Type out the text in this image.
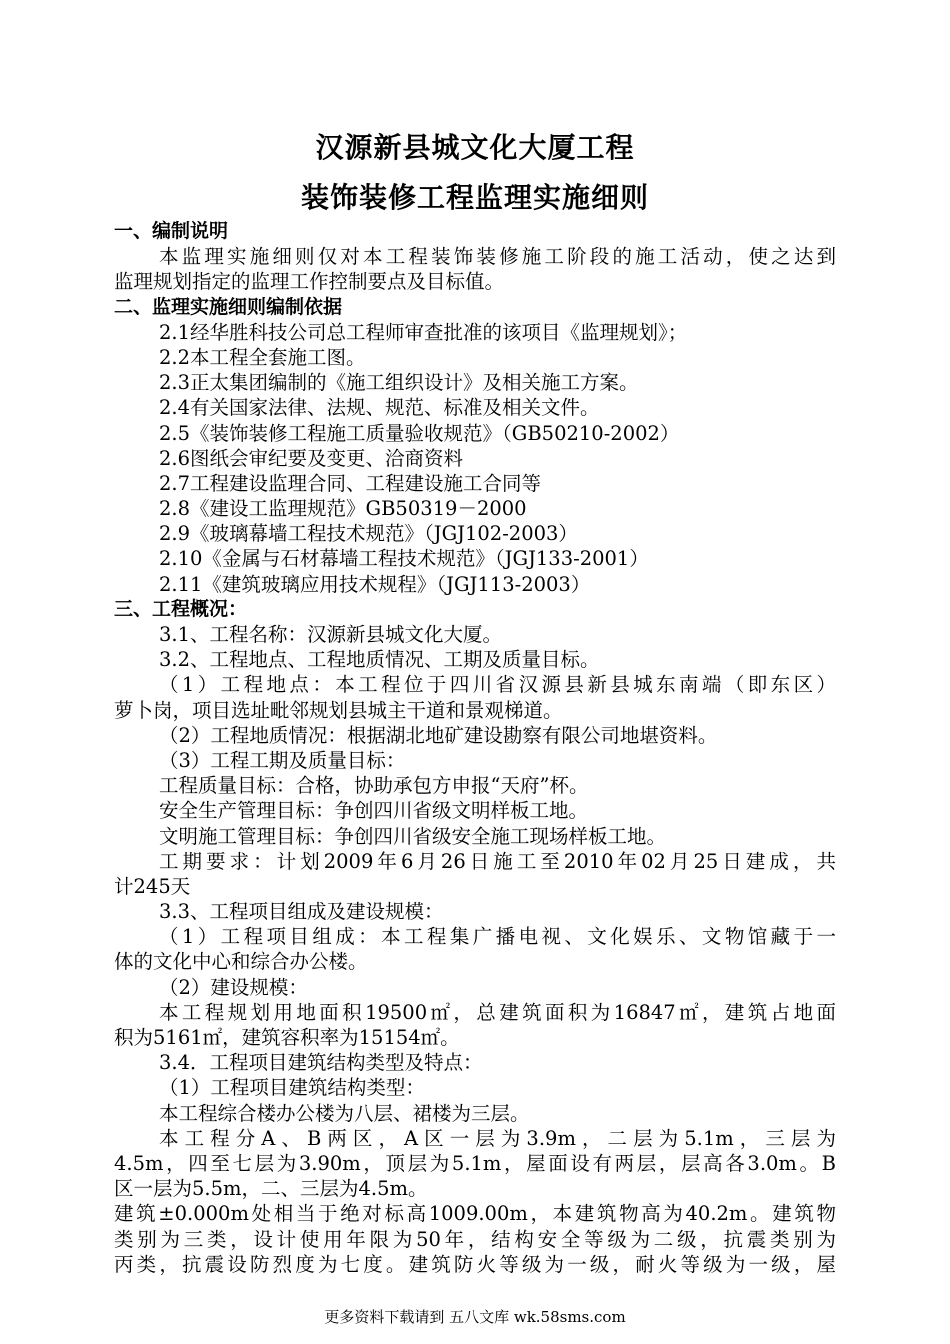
汉源新县城文化大厦工程
装饰装修工程监理实施细则
一、编制说明
本监理实施细则仅对本工程装饰装修施工阶段的施工活动，使之达到
监理规划指定的监理工作控制要点及目标值。
二、监理实施细则编制依据
2.1经华胜科技公司总工程师审查批准的该项目《监理规划》；
2.2本工程全套施工图。
2.3正太集团编制的《施工组织设计》及相关施工方案。
2.4有关国家法律、法规、规范、标准及相关文件。
2.5《装饰装修工程施工质量验收规范》（GB50210-2002）
2.6图纸会审纪要及变更、洽商资料
2.7工程建设监理合同、工程建设施工合同等
2.8《建设工监理规范》GB50319－2000
2.9《玻璃幕墙工程技术规范》（JGJ102-2003）
2.10《金属与石材幕墙工程技术规范》（JGJ133-2001）
2.11《建筑玻璃应用技术规程》（JGJ113-2003）
三、工程概况：
3.1、工程名称：汉源新县城文化大厦。
3.2、工程地点、工程地质情况、工期及质量目标。
（1）工程地点：本工程位于四川省汉源县新县城东南端（即东区）
萝卜岗，项目选址毗邻规划县城主干道和景观梯道。
（2）工程地质情况：根据湖北地矿建设勘察有限公司地堪资料。
（3）工程工期及质量目标：
工程质量目标：合格，协助承包方申报“天府”杯。
安全生产管理目标：争创四川省级文明样板工地。
文明施工管理目标：争创四川省级安全施工现场样板工地。
工期要求：计划2009年6月26日施工至2010年02月25日建成，共
计245天
3.3、工程项目组成及建设规模：
（1）工程项目组成：本工程集广播电视、文化娱乐、文物馆藏于一
体的文化中心和综合办公楼。
（2）建设规模：
本工程规划用地面积19500㎡，总建筑面积为16847㎡，建筑占地面
积为5161㎡，建筑容积率为15154㎡。
3.4．工程项目建筑结构类型及特点：
（1）工程项目建筑结构类型：
本工程综合楼办公楼为八层、裙楼为三层。
本工程分A、B两区，A区一层为3.9m，二层为5.1m，三层为
4.5m，四至七层为3.90m，顶层为5.1m，屋面设有两层，层高各3.0m。B
区一层为5.5m，二、三层为4.5m。
建筑±0.000m处相当于绝对标高1009.00m，本建筑物高为40.2m。建筑物
类别为三类，设计使用年限为50年，结构安全等级为二级，抗震类别为
丙类，抗震设防烈度为七度。建筑防火等级为一级，耐火等级为一级，屋
更多资料下载请到 五八文库 wk.58sms.com
